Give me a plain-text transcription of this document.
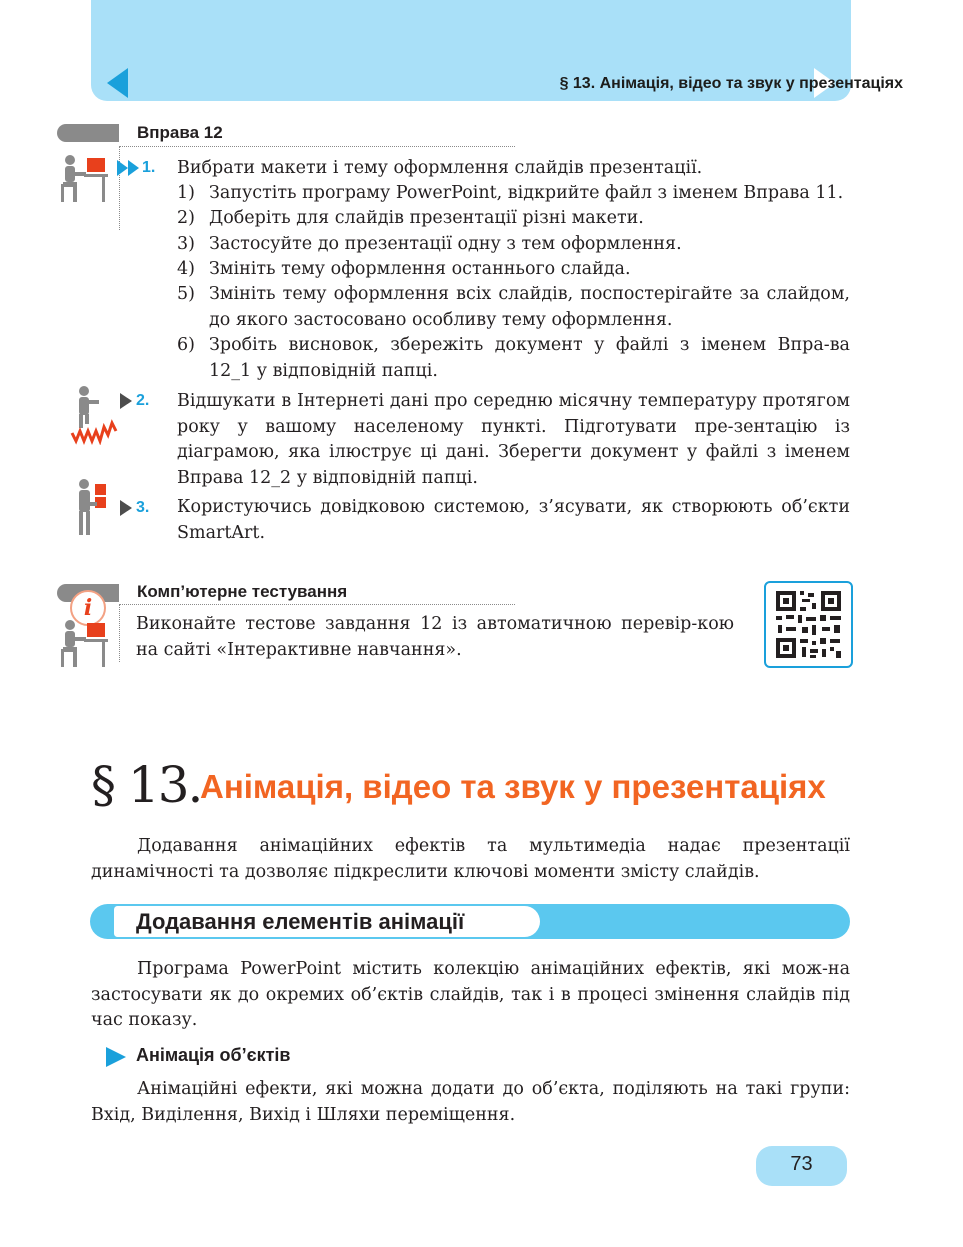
§ 13. Анімація, відео та звук у презентаціях
Вправа 12
1. Вибрати макети і тему оформлення слайдів презентації.
1) Запустіть програму PowerPoint, відкрийте файл з іменем Вправа 11.
2) Доберіть для слайдів презентації різні макети.
3) Застосуйте до презентації одну з тем оформлення.
4) Змініть тему оформлення останнього слайда.
5) Змініть тему оформлення всіх слайдів, поспостерігайте за слайдом, до якого застосовано особливу тему оформлення.
6) Зробіть висновок, збережіть документ у файлі з іменем Впра-ва 12_1 у відповідній папці.
2. Відшукати в Інтернеті дані про середню місячну температуру протягом року у вашому населеному пункті. Підготувати пре-зентацію із діаграмою, яка ілюструє ці дані. Зберегти документ у файлі з іменем Вправа 12_2 у відповідній папці.
3. Користуючись довідковою системою, з’ясувати, як створюють об’єкти SmartArt.
Комп’ютерне тестування
i
Виконайте тестове завдання 12 із автоматичною перевір-кою на сайті «Інтерактивне навчання».
§ 13.
Анімація, відео та звук у презентаціях
Додавання анімаційних ефектів та мультимедіа надає презентації динамічності та дозволяє підкреслити ключові моменти змісту слайдів.
Додавання елементів анімації
Програма PowerPoint містить колекцію анімаційних ефектів, які мож-на застосувати як до окремих об’єктів слайдів, так і в процесі змінення слайдів під час показу.
Анімація об’єктів
Анімаційні ефекти, які можна додати до об’єкта, поділяють на такі групи: Вхід, Виділення, Вихід і Шляхи переміщення.
73
